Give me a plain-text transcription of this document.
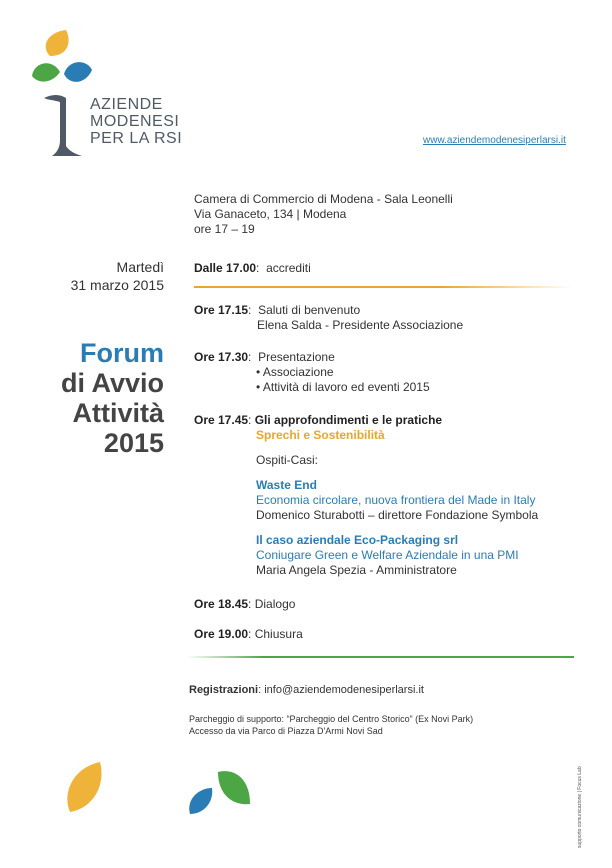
AZIENDE
MODENESI
PER LA RSI	www.aziendemodenesiperlarsi.it
Camera di Commercio di Modena - Sala Leonelli
Via Ganaceto, 134 | Modena
ore 17 – 19
Martedì
31 marzo 2015
Forum
di Avvio
Attività
2015
Dalle 17.00:  accrediti
Ore 17.15:  Saluti di benvenuto
Elena Salda - Presidente Associazione
Ore 17.30:  Presentazione
• Associazione
• Attività di lavoro ed eventi 2015
Ore 17.45: Gli approfondimenti e le pratiche
Sprechi e Sostenibilità
Ospiti-Casi:
Waste End
Economia circolare, nuova frontiera del Made in Italy
Domenico Sturabotti – direttore Fondazione Symbola
Il caso aziendale Eco-Packaging srl
Coniugare Green e Welfare Aziendale in una PMI
Maria Angela Spezia - Amministratore
Ore 18.45: Dialogo
Ore 19.00: Chiusura
Registrazioni: info@aziendemodenesiperlarsi.it
Parcheggio di supporto: “Parcheggio del Centro Storico” (Ex Novi Park)
Accesso da via Parco di Piazza D'Armi Novi Sad
supporto comunicazione | Focus Lab
